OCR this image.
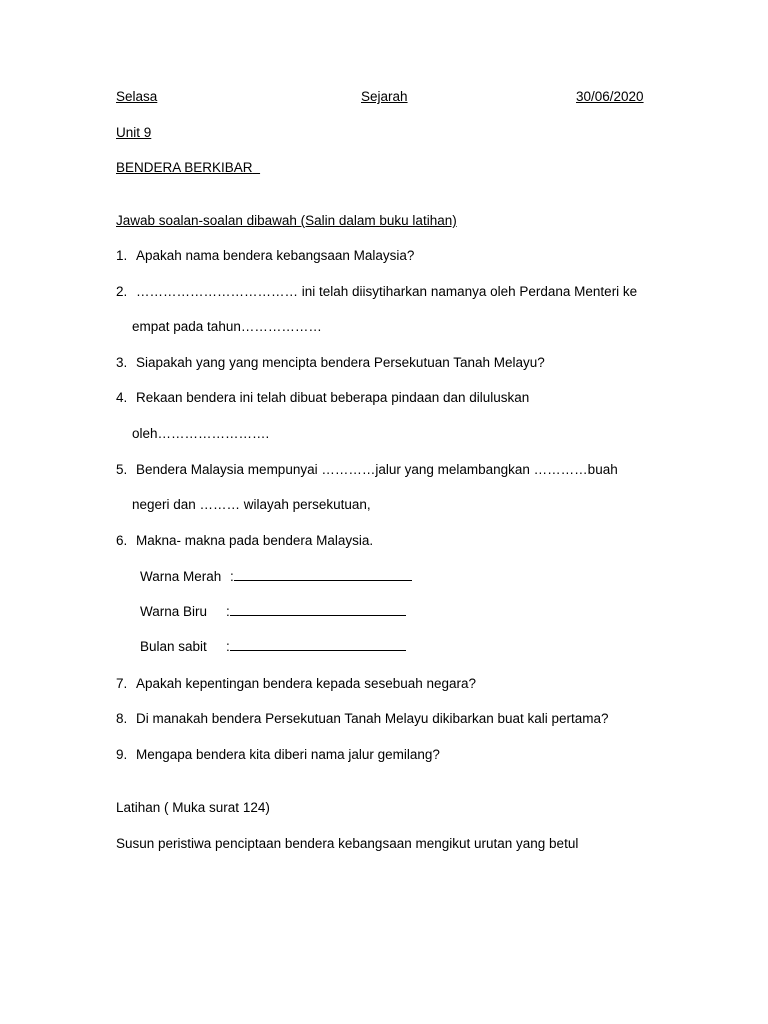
Selasa	Sejarah	30/06/2020
Unit 9
BENDERA BERKIBAR
Jawab soalan-soalan dibawah (Salin dalam buku latihan)
1. Apakah nama bendera kebangsaan Malaysia?
2. ……………………………… ini telah diisytiharkan namanya oleh Perdana Menteri ke
empat pada tahun………………
3. Siapakah yang yang mencipta bendera Persekutuan Tanah Melayu?
4. Rekaan bendera ini telah dibuat beberapa pindaan dan diluluskan
oleh…………………….
5. Bendera Malaysia mempunyai …………jalur yang melambangkan …………buah
negeri dan ……… wilayah persekutuan,
6. Makna- makna pada bendera Malaysia.
Warna Merah :
Warna Biru :
Bulan sabit :
7. Apakah kepentingan bendera kepada sesebuah negara?
8. Di manakah bendera Persekutuan Tanah Melayu dikibarkan buat kali pertama?
9. Mengapa bendera kita diberi nama jalur gemilang?
Latihan ( Muka surat 124)
Susun peristiwa penciptaan bendera kebangsaan mengikut urutan yang betul
